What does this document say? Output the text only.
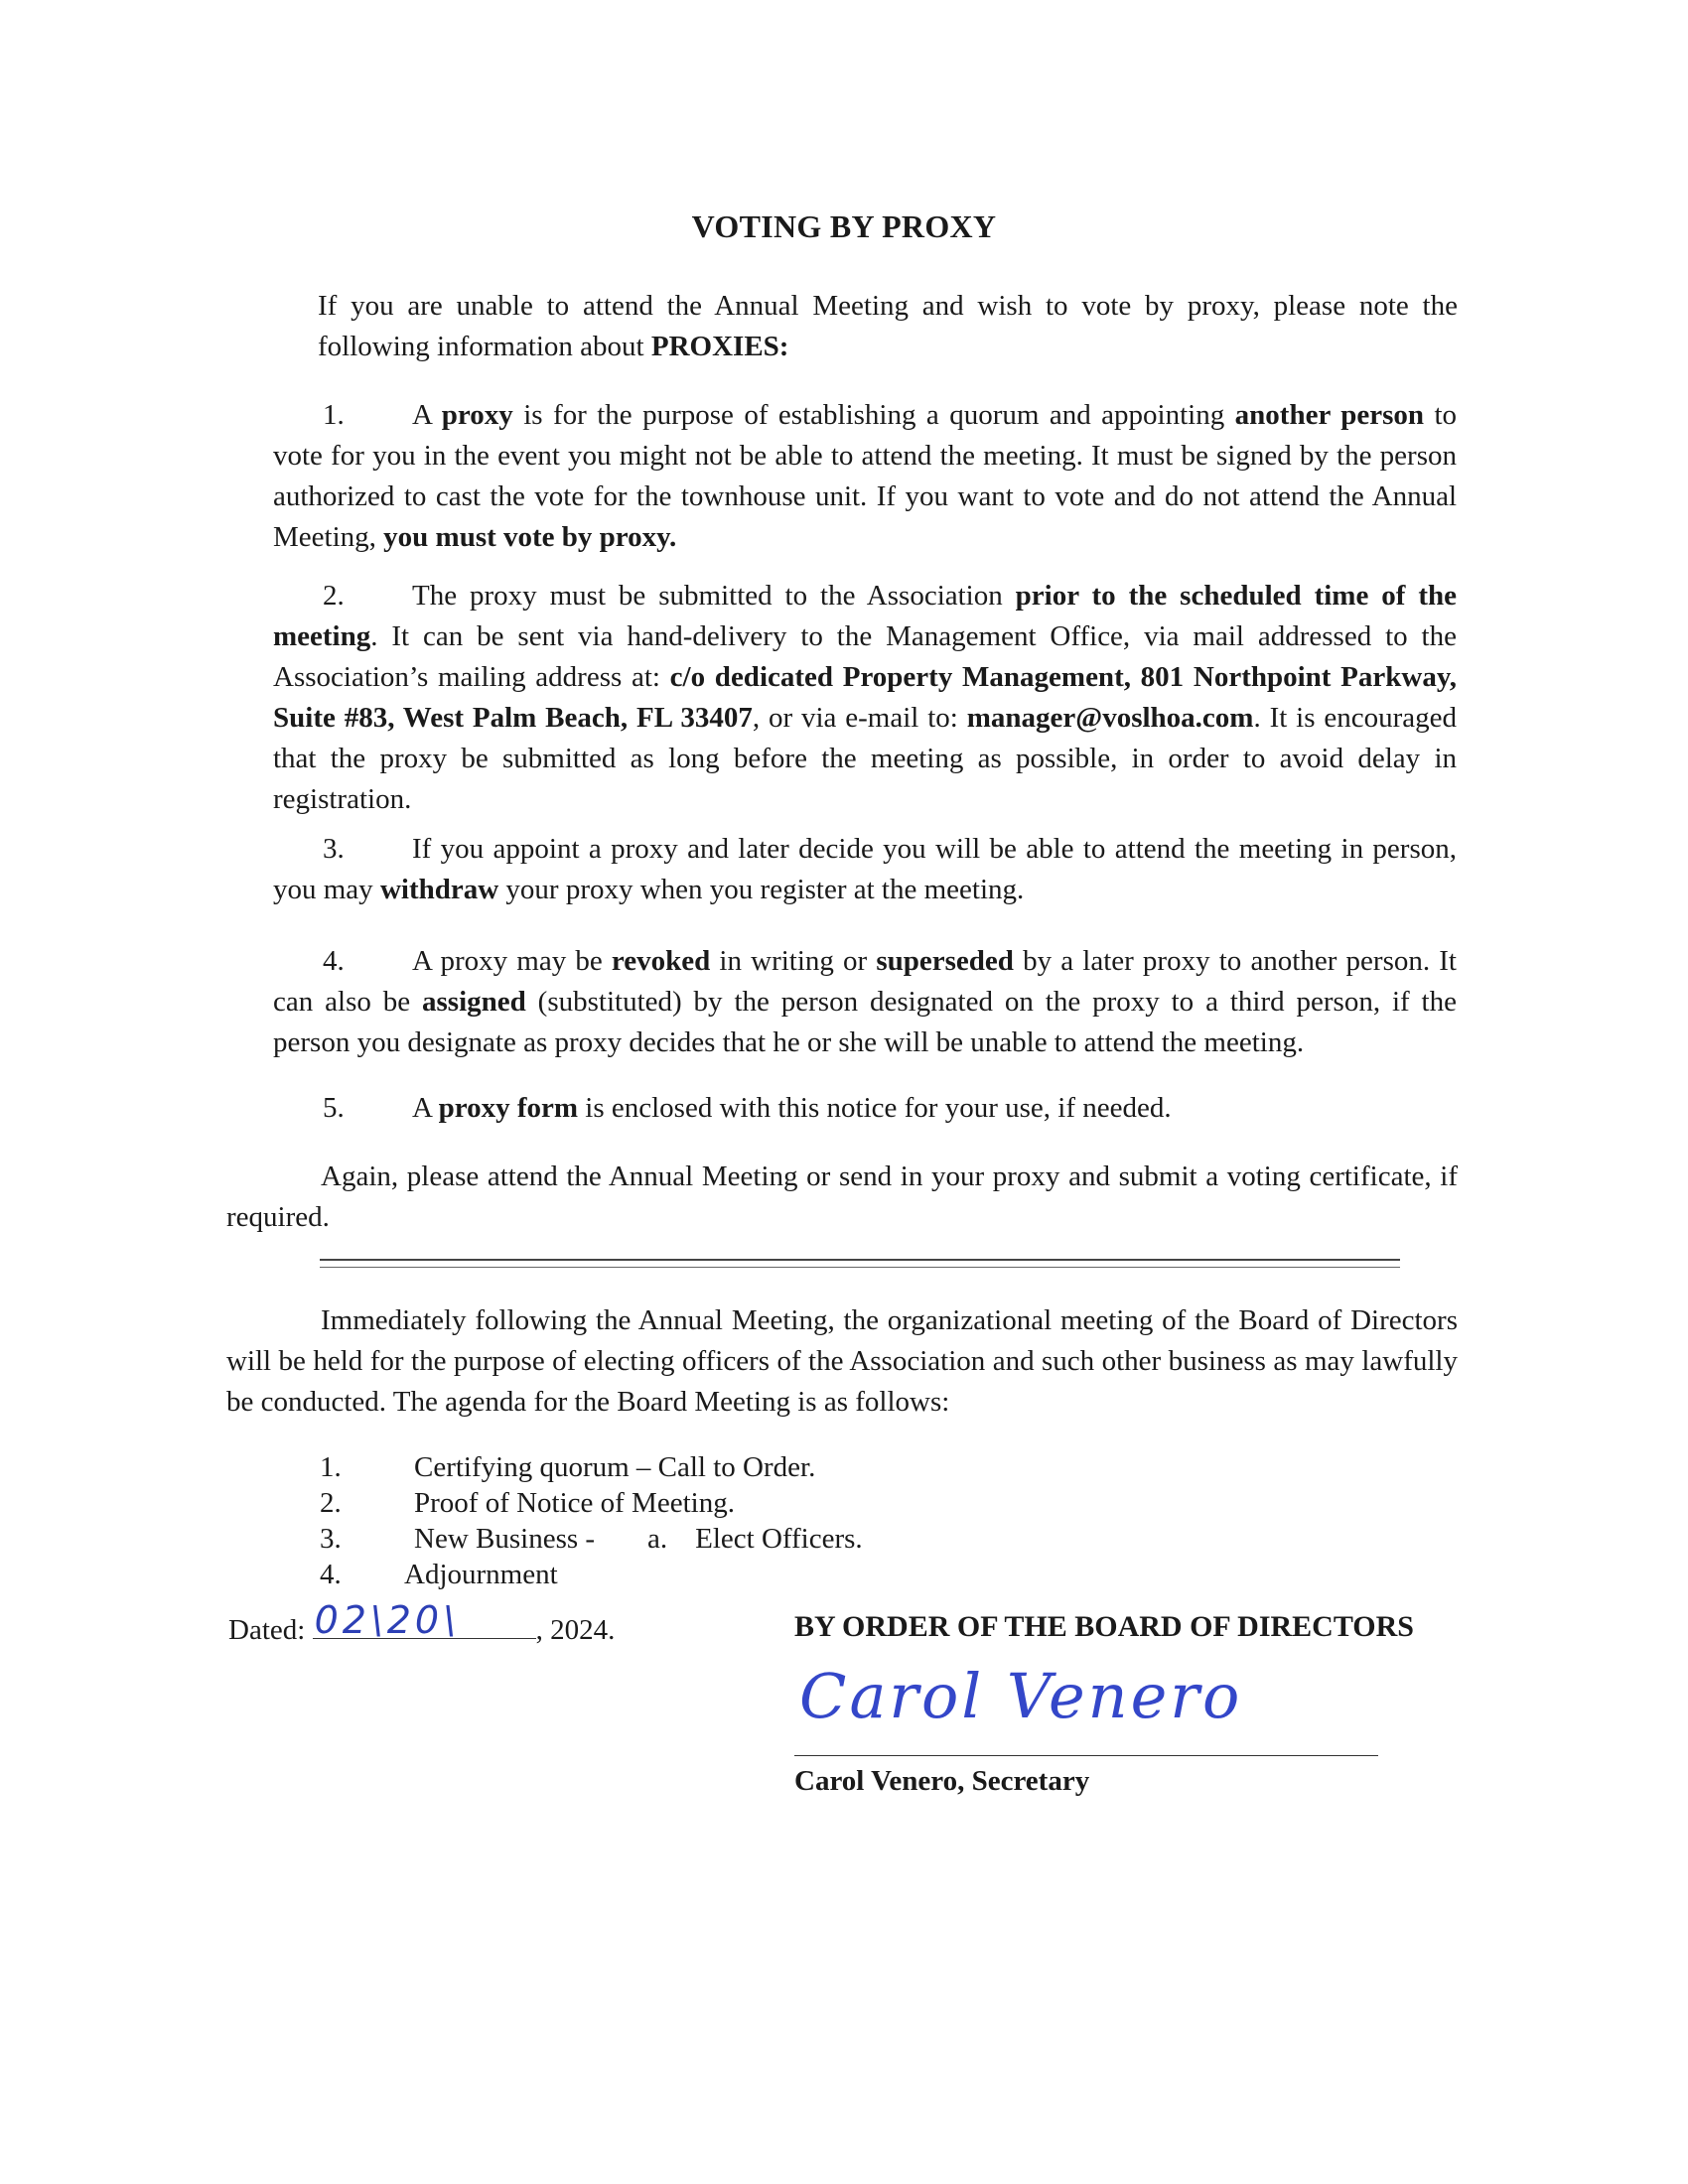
VOTING BY PROXY
If you are unable to attend the Annual Meeting and wish to vote by proxy, please note the following information about PROXIES:
1.	A proxy is for the purpose of establishing a quorum and appointing another person to vote for you in the event you might not be able to attend the meeting. It must be signed by the person authorized to cast the vote for the townhouse unit. If you want to vote and do not attend the Annual Meeting, you must vote by proxy.
2.	The proxy must be submitted to the Association prior to the scheduled time of the meeting. It can be sent via hand-delivery to the Management Office, via mail addressed to the Association’s mailing address at: c/o dedicated Property Management, 801 Northpoint Parkway, Suite #83, West Palm Beach, FL 33407, or via e-mail to: manager@voslhoa.com. It is encouraged that the proxy be submitted as long before the meeting as possible, in order to avoid delay in registration.
3.	If you appoint a proxy and later decide you will be able to attend the meeting in person, you may withdraw your proxy when you register at the meeting.
4.	A proxy may be revoked in writing or superseded by a later proxy to another person. It can also be assigned (substituted) by the person designated on the proxy to a third person, if the person you designate as proxy decides that he or she will be unable to attend the meeting.
5.	A proxy form is enclosed with this notice for your use, if needed.
Again, please attend the Annual Meeting or send in your proxy and submit a voting certificate, if required.
Immediately following the Annual Meeting, the organizational meeting of the Board of Directors will be held for the purpose of electing officers of the Association and such other business as may lawfully be conducted. The agenda for the Board Meeting is as follows:
1.	Certifying quorum – Call to Order.
2.	Proof of Notice of Meeting.
3.	New Business - a. Elect Officers.
4. Adjournment
Dated: 02\20\	, 2024.	BY ORDER OF THE BOARD OF DIRECTORS
Carol Venero
Carol Venero, Secretary
